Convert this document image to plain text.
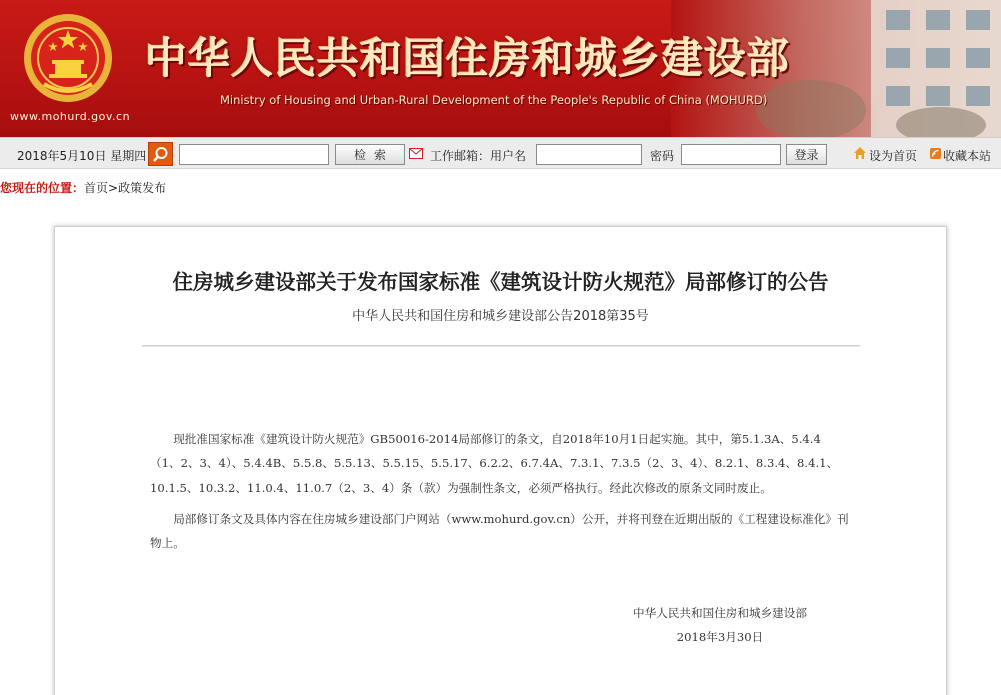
www.mohurd.gov.cn
中华人民共和国住房和城乡建设部
Ministry of Housing and Urban-Rural Development of the People's Republic of China (MOHURD)
2018年5月10日 星期四	检索	工作邮箱：用户名	密码	登录	设为首页 收藏本站
您现在的位置：首页>政策发布
住房城乡建设部关于发布国家标准《建筑设计防火规范》局部修订的公告
中华人民共和国住房和城乡建设部公告2018第35号

现批准国家标准《建筑设计防火规范》GB50016-2014局部修订的条文，自2018年10月1日起实施。其中，第5.1.3A、5.4.4（1、2、3、4）、5.4.4B、5.5.8、5.5.13、5.5.15、5.5.17、6.2.2、6.7.4A、7.3.1、7.3.5（2、3、4）、8.2.1、8.3.4、8.4.1、10.1.5、10.3.2、11.0.4、11.0.7（2、3、4）条（款）为强制性条文，必须严格执行。经此次修改的原条文同时废止。

局部修订条文及具体内容在住房城乡建设部门户网站（www.mohurd.gov.cn）公开，并将刊登在近期出版的《工程建设标准化》刊物上。

中华人民共和国住房和城乡建设部
2018年3月30日
